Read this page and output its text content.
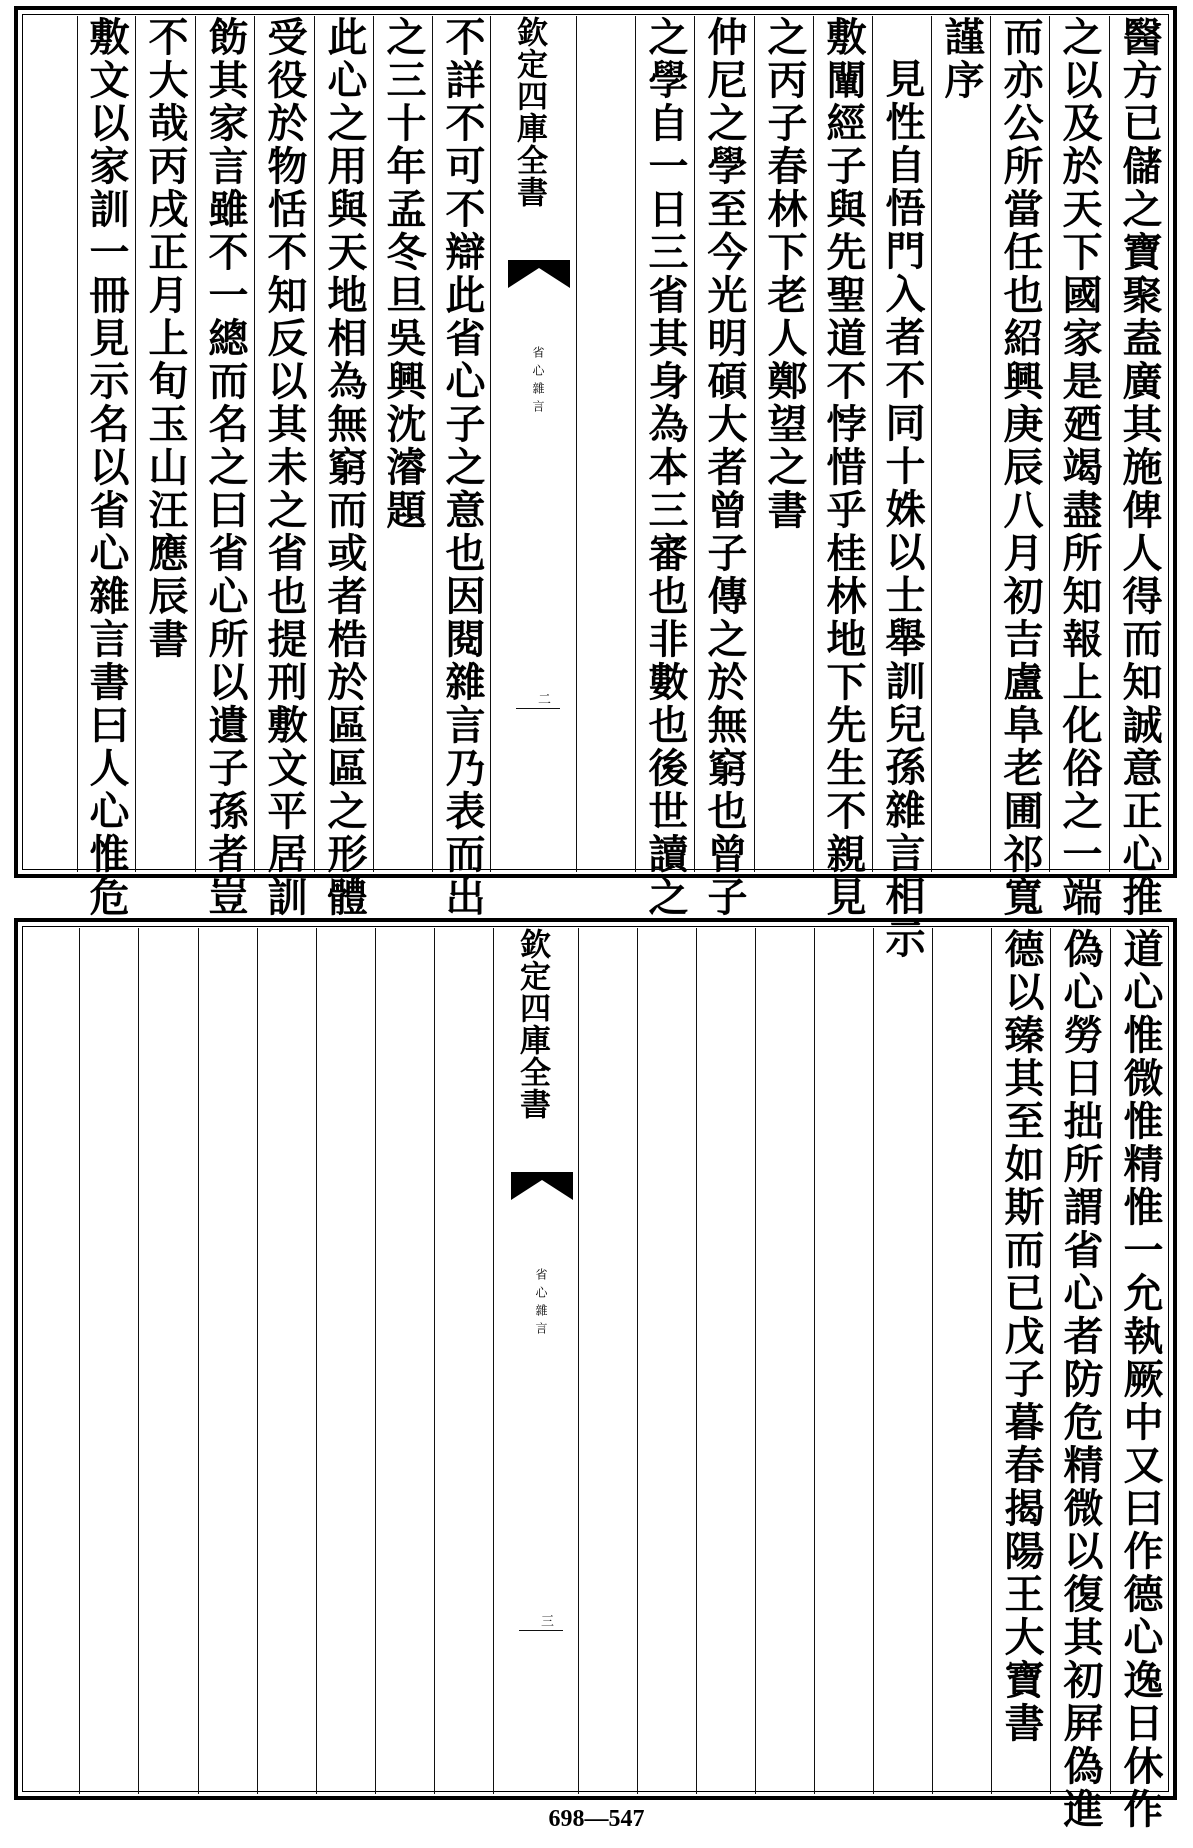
醫方已儲之寶聚盍廣其施俾人得而知誠意正心推
之以及於天下國家是廼竭盡所知報上化俗之一端
而亦公所當任也紹興庚辰八月初吉盧阜老圃祁寬
謹序
見性自悟門入者不同十姝以士舉訓兒孫雜言相示
敷闡經子與先聖道不悖惜乎桂林地下先生不親見
之丙子春林下老人鄭望之書
仲尼之學至今光明碩大者曾子傳之於無窮也曾子
之學自一日三省其身為本三審也非數也後世讀之
欽定四庫全書
省心雜言
二
不詳不可不辯此省心子之意也因閱雜言乃表而出
之三十年孟冬旦吳興沈濬題
此心之用與天地相為無窮而或者梏於區區之形體
受役於物恬不知反以其未之省也提刑敷文平居訓
飭其家言雖不一總而名之曰省心所以遺子孫者豈
不大哉丙戌正月上旬玉山汪應辰書
敷文以家訓一冊見示名以省心雜言書曰人心惟危
道心惟微惟精惟一允執厥中又曰作德心逸日休作
偽心勞日拙所謂省心者防危精微以復其初屛偽進
德以臻其至如斯而已戊子暮春揭陽王大寶書
欽定四庫全書
省心雜言
三
698—547
